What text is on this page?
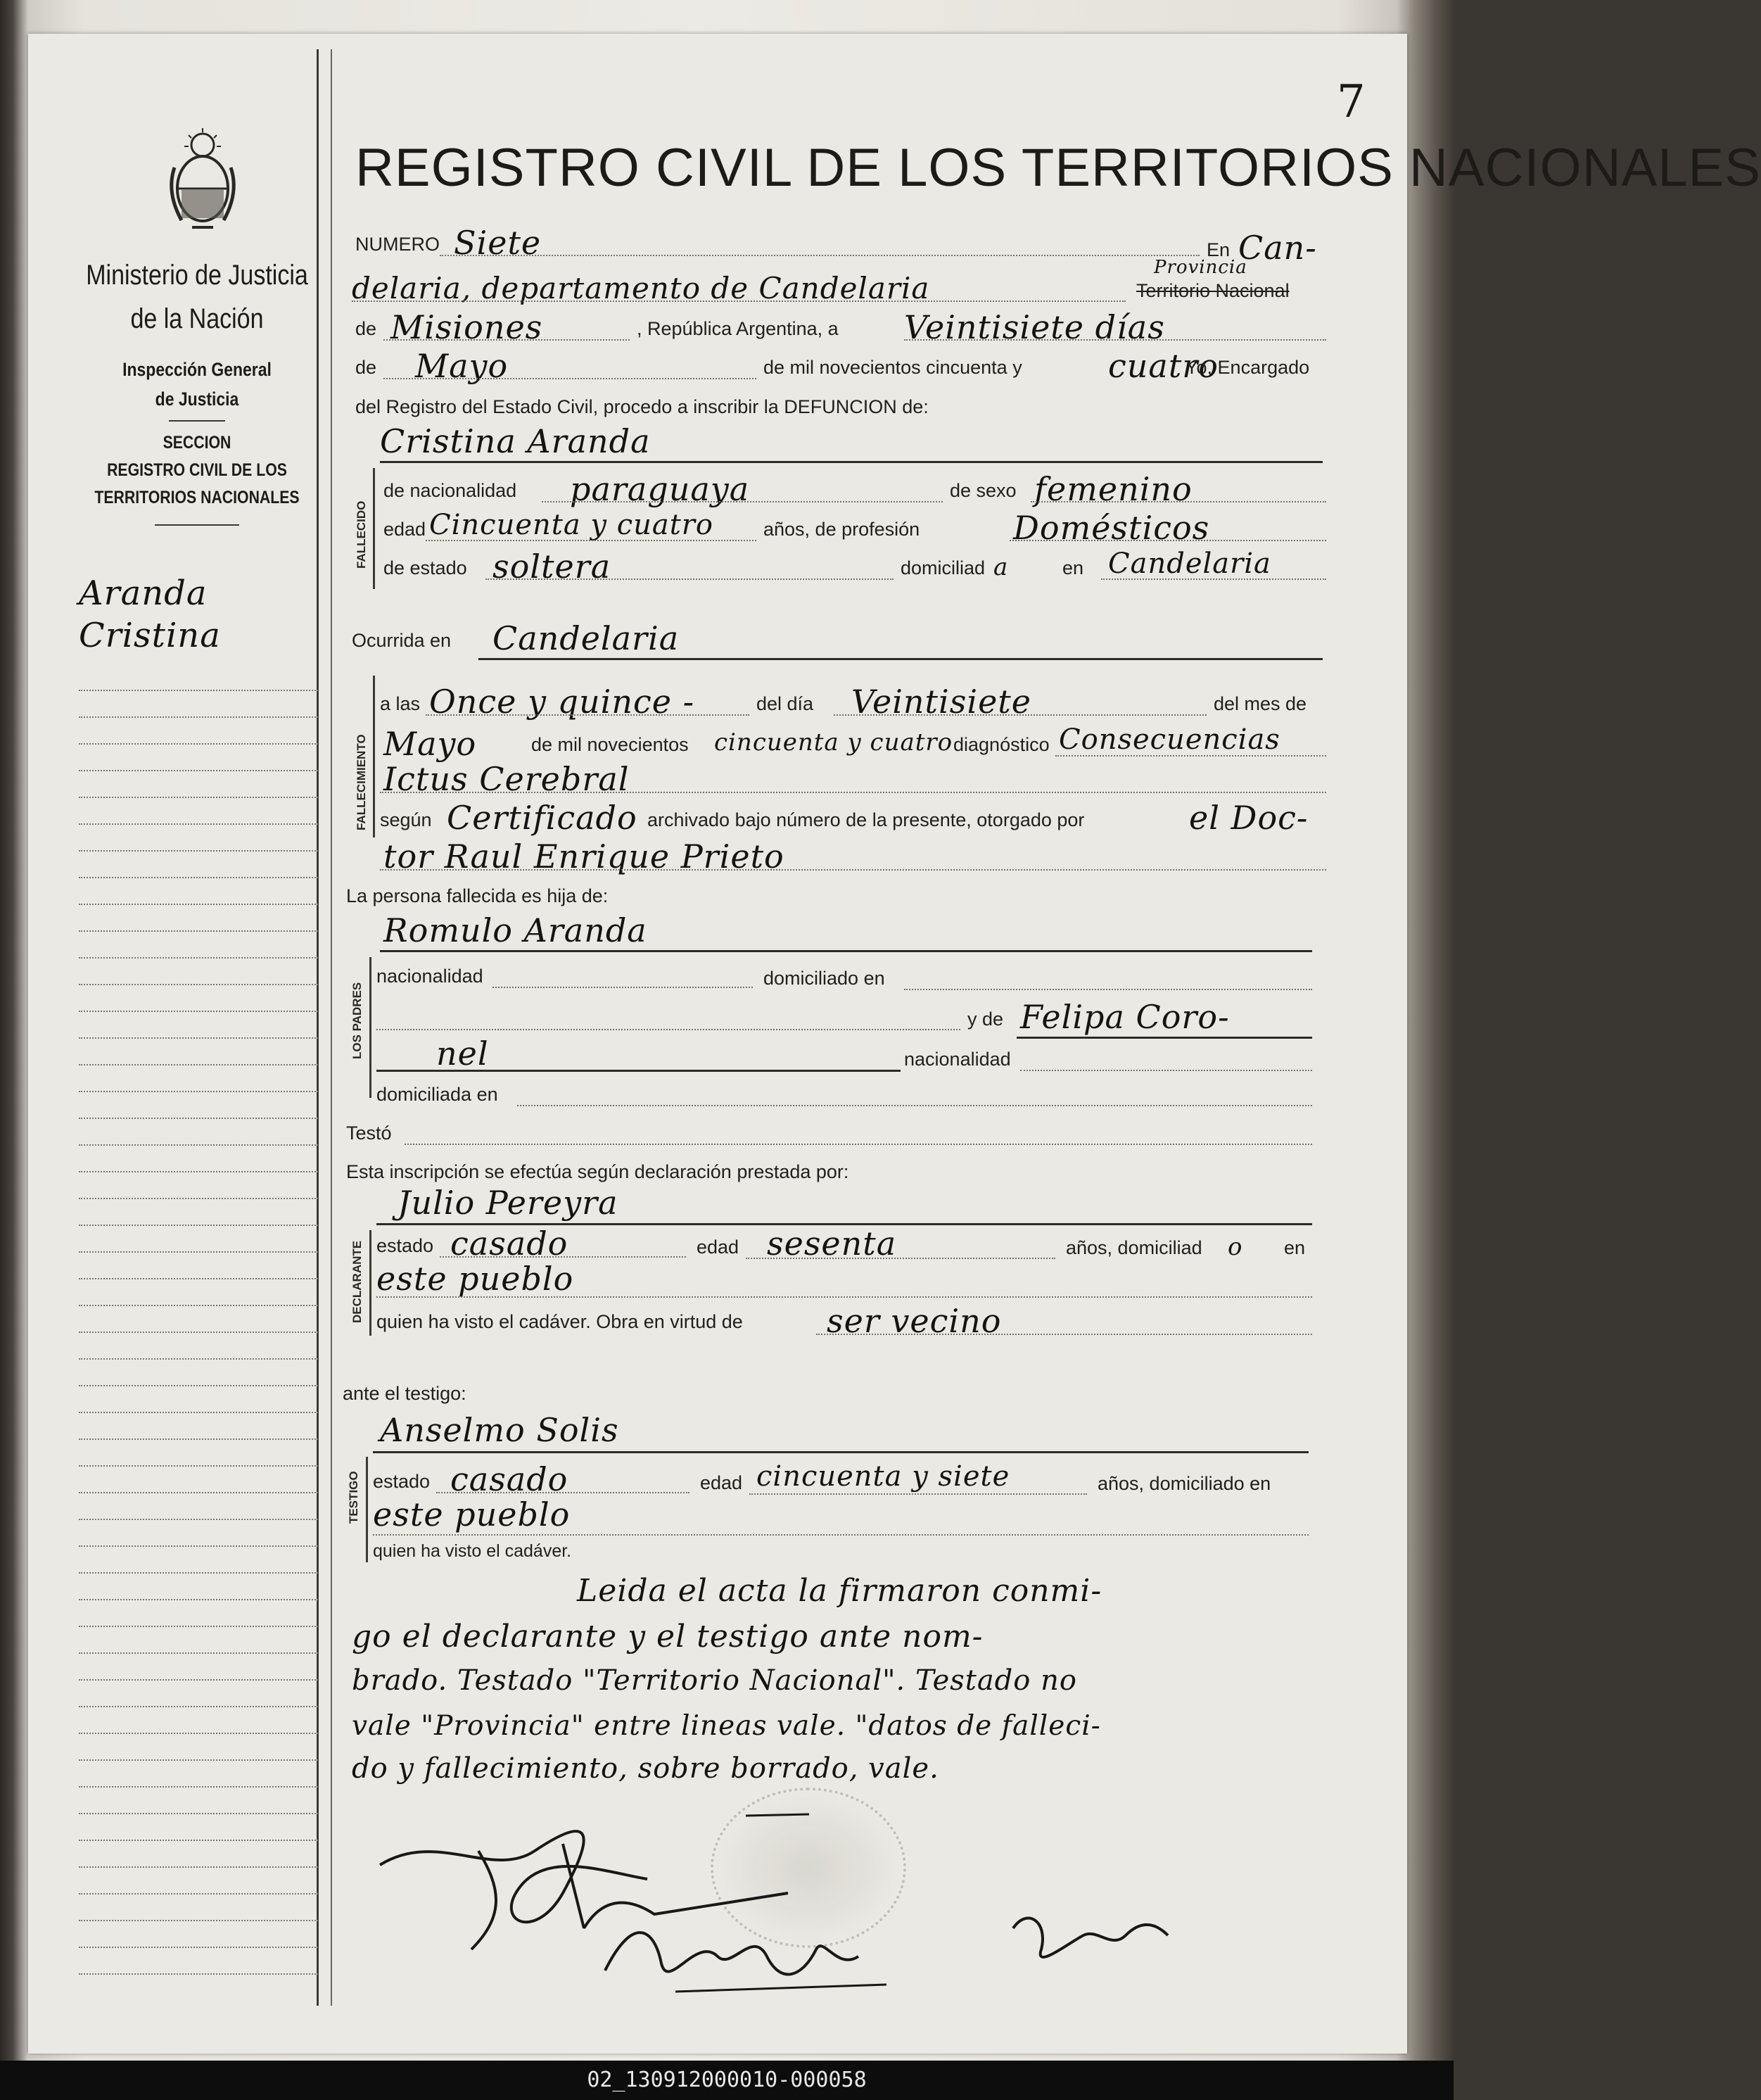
7
Ministerio de Justicia
de la Nación
Inspección General
de Justicia
SECCION
REGISTRO CIVIL DE LOS
TERRITORIOS NACIONALES
Aranda
Cristina
REGISTRO CIVIL DE LOS TERRITORIOS NACIONALES
NUMERO Siete	En Can-
Provincia
delaria, departamento de Candelaria	Territorio Nacional
de Misiones	, República Argentina, a Veintisiete días
de Mayo	de mil novecientos cincuenta y	cuatro
Yo, Encargado
del Registro del Estado Civil, procedo a inscribir la DEFUNCION de:
Cristina Aranda
FALLECIDO
de nacionalidad paraguaya	de sexo femenino
edad Cincuenta y cuatro	años, de profesión	Domésticos
de estado soltera	domiciliad a	en Candelaria
Ocurrida en Candelaria
FALLECIMIENTO
a las Once y quince -	del día Veintisiete	del mes de
Mayo	de mil novecientos cincuenta y cuatro diagnóstico Consecuencias
Ictus Cerebral
según Certificado archivado bajo número de la presente, otorgado por	el Doc-
tor Raul Enrique Prieto
La persona fallecida es hija de:
Romulo Aranda
LOS PADRES
nacionalidad	domiciliado en
y de Felipa Coro-
nel	nacionalidad
domiciliada en
Testó
Esta inscripción se efectúa según declaración prestada por:
Julio Pereyra
DECLARANTE estado casado	edad sesenta	años, domiciliad o en
este pueblo
quien ha visto el cadáver. Obra en virtud de	ser vecino
ante el testigo:
Anselmo Solis
TESTIGO estado casado	edad cincuenta y siete	años, domiciliado en
este pueblo
quien ha visto el cadáver.
Leida el acta la firmaron conmi-
go el declarante y el testigo ante nom-
brado. Testado "Territorio Nacional". Testado no
vale "Provincia" entre lineas vale. "datos de falleci-
do y fallecimiento, sobre borrado, vale.
02_130912000010-000058
